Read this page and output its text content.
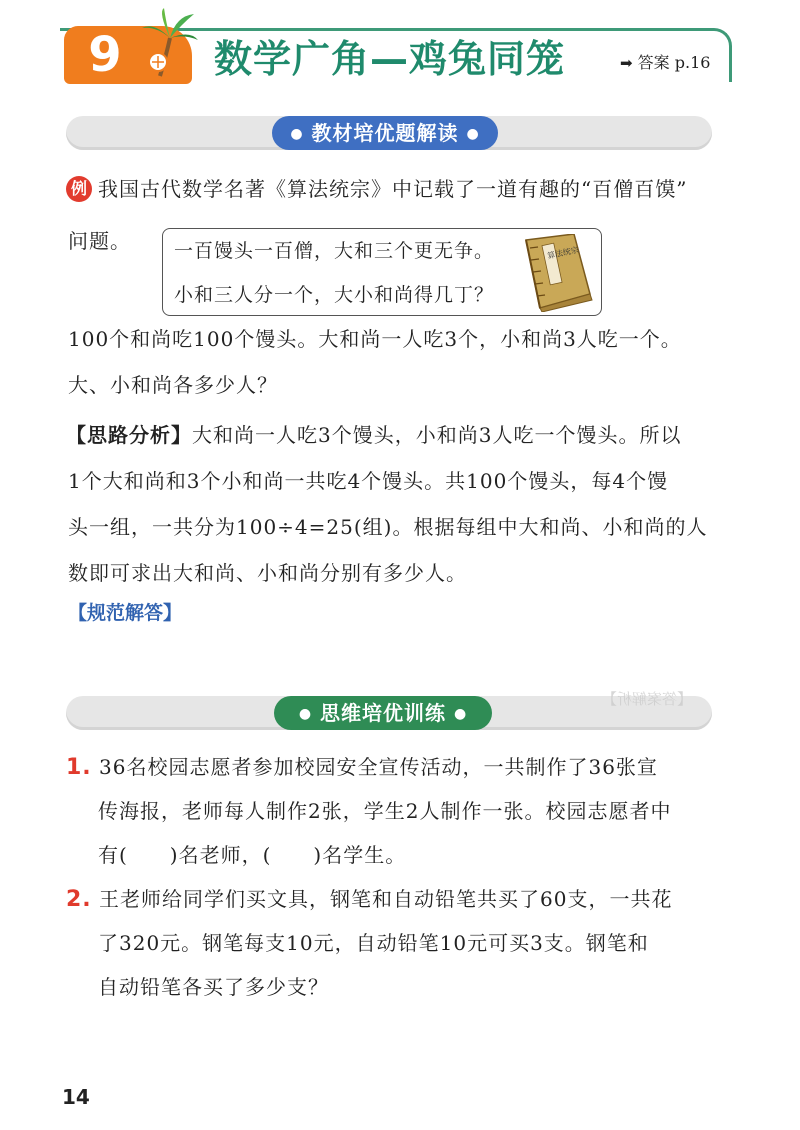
9 数学广角—鸡兔同笼	➡ 答案 p.16
● 教材培优题解读 ●
例 我国古代数学名著《算法统宗》中记载了一道有趣的“百僧百馍”
问题。 一百馒头一百僧，大和三个更无争。
小和三人分一个，大小和尚得几丁？
算法统宗
100个和尚吃100个馒头。大和尚一人吃3个，小和尚3人吃一个。
大、小和尚各多少人？
【思路分析】大和尚一人吃3个馒头，小和尚3人吃一个馒头。所以
1个大和尚和3个小和尚一共吃4个馒头。共100个馒头，每4个馒
头一组，一共分为100÷4=25(组)。根据每组中大和尚、小和尚的人
数即可求出大和尚、小和尚分别有多少人。
【规范解答】
【答案解析】
● 思维培优训练 ●
1. 36名校园志愿者参加校园安全宣传活动，一共制作了36张宣
传海报，老师每人制作2张，学生2人制作一张。校园志愿者中
有(　　)名老师，(　　)名学生。
2. 王老师给同学们买文具，钢笔和自动铅笔共买了60支，一共花
了320元。钢笔每支10元，自动铅笔10元可买3支。钢笔和
自动铅笔各买了多少支？
14
